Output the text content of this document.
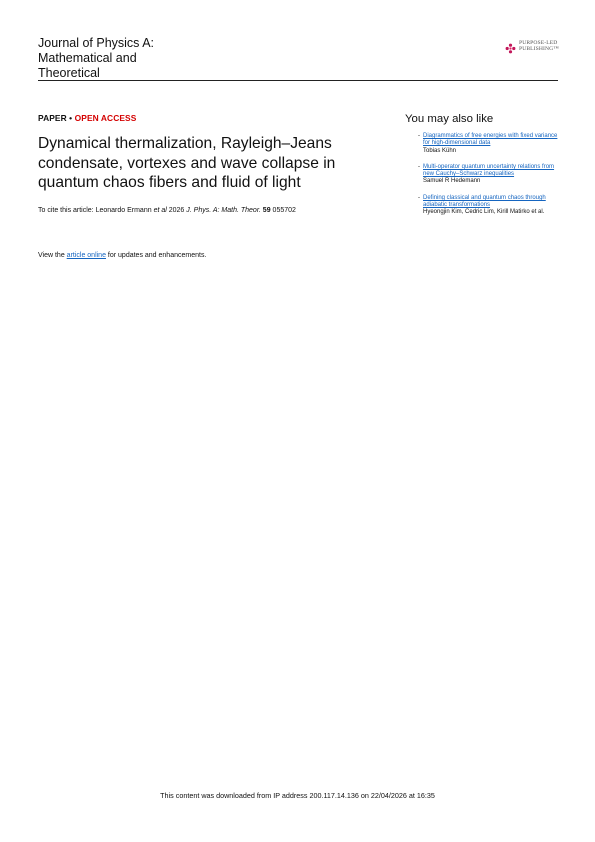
Journal of Physics A: Mathematical and Theoretical
PURPOSE-LED
PUBLISHING™
PAPER • OPEN ACCESS
Dynamical thermalization, Rayleigh–Jeans condensate, vortexes and wave collapse in quantum chaos fibers and fluid of light
To cite this article: Leonardo Ermann et al 2026 J. Phys. A: Math. Theor. 59 055702
View the article online for updates and enhancements.
You may also like
- Diagrammatics of free energies with fixed variance for high-dimensional data
Tobias Kühn
- Multi-operator quantum uncertainty relations from new Cauchy–Schwarz inequalities
Samuel R Hedemann
- Defining classical and quantum chaos through adiabatic transformations
Hyeongjin Kim, Cedric Lim, Kirill Matirko et al.
This content was downloaded from IP address 200.117.14.136 on 22/04/2026 at 16:35
